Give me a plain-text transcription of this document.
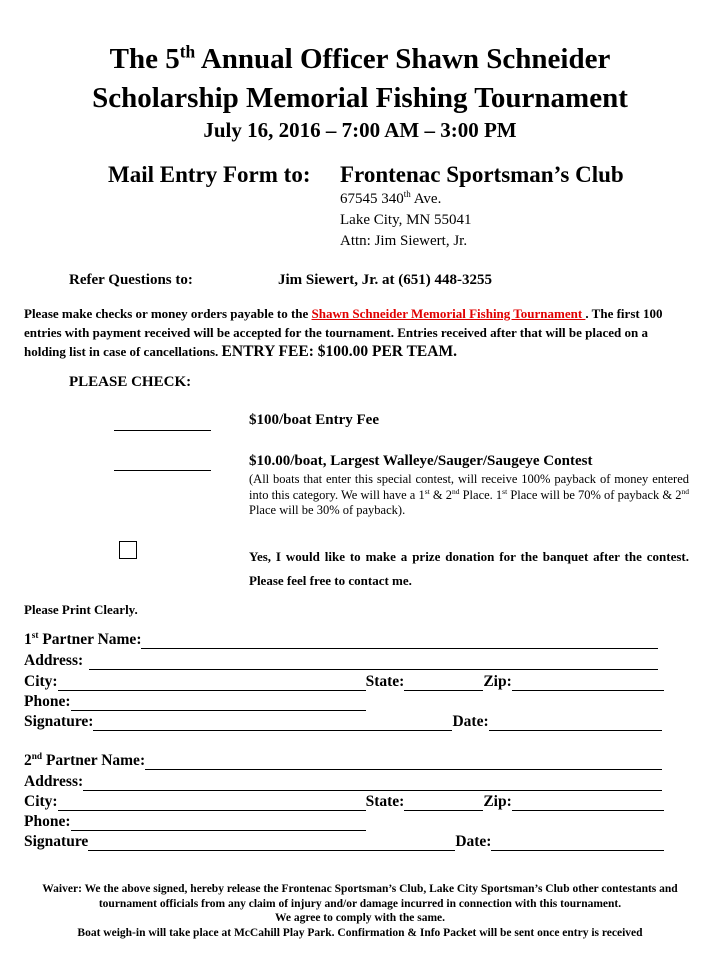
The 5th Annual Officer Shawn Schneider
Scholarship Memorial Fishing Tournament
July 16, 2016 – 7:00 AM – 3:00 PM
Mail Entry Form to: Frontenac Sportsman’s Club
67545 340th Ave.
Lake City, MN 55041
Attn: Jim Siewert, Jr.
Refer Questions to:	Jim Siewert, Jr. at (651) 448-3255
Please make checks or money orders payable to the Shawn Schneider Memorial Fishing Tournament . The first 100 entries with payment received will be accepted for the tournament. Entries received after that will be placed on a holding list in case of cancellations. ENTRY FEE: $100.00 PER TEAM.
PLEASE CHECK:
$100/boat Entry Fee
$10.00/boat, Largest Walleye/Sauger/Saugeye Contest
(All boats that enter this special contest, will receive 100% payback of money entered into this category. We will have a 1st & 2nd Place. 1st Place will be 70% of payback & 2nd Place will be 30% of payback).
Yes, I would like to make a prize donation for the banquet after the contest. Please feel free to contact me.
Please Print Clearly.
1st Partner Name:
Address:
City:	State:	Zip:
Phone:
Signature:	Date:
2nd Partner Name:
Address:
City:	State:	Zip:
Phone:
Signature	Date:
Waiver: We the above signed, hereby release the Frontenac Sportsman’s Club, Lake City Sportsman’s Club other contestants and tournament officials from any claim of injury and/or damage incurred in connection with this tournament.
We agree to comply with the same.
Boat weigh-in will take place at McCahill Play Park. Confirmation & Info Packet will be sent once entry is received
